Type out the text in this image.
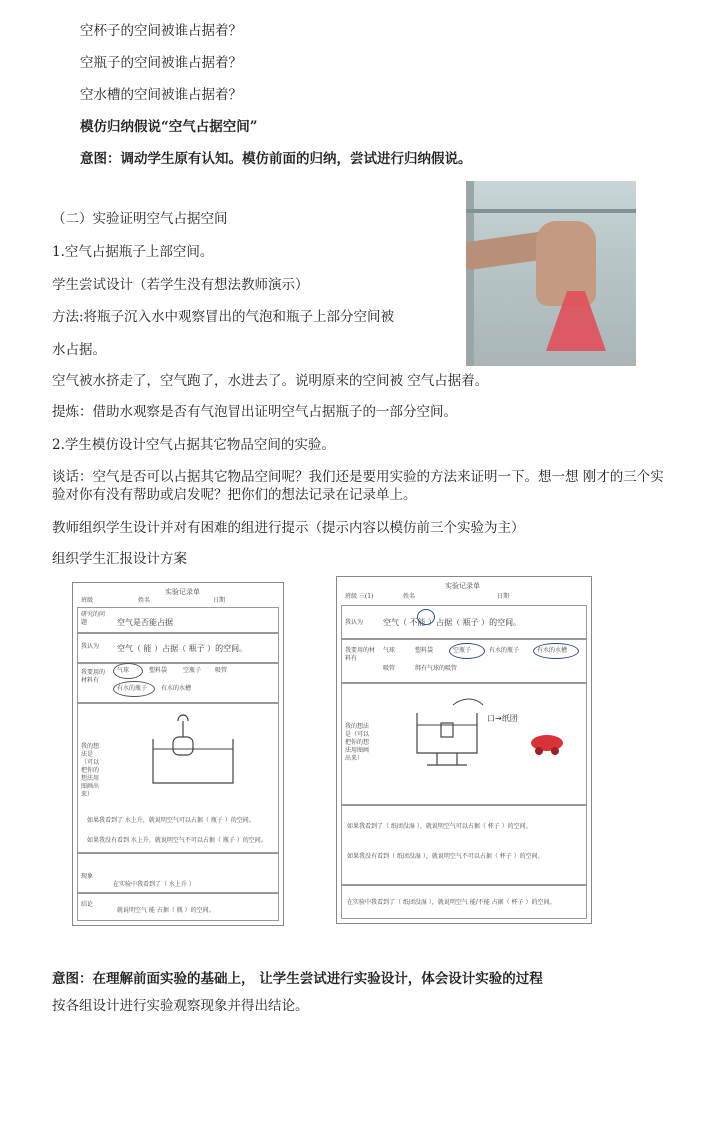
空杯子的空间被谁占据着？
空瓶子的空间被谁占据着？
空水槽的空间被谁占据着？
模仿归纳假说“空气占据空间”
意图：调动学生原有认知。模仿前面的归纳，尝试进行归纳假说。
（二）实验证明空气占据空间
1.空气占据瓶子上部空间。
学生尝试设计（若学生没有想法教师演示）
方法:将瓶子沉入水中观察冒出的气泡和瓶子上部分空间被
水占据。
空气被水挤走了，空气跑了，水进去了。说明原来的空间被 空气占据着。
提炼：借助水观察是否有气泡冒出证明空气占据瓶子的一部分空间。
2.学生模仿设计空气占据其它物品空间的实验。
谈话：空气是否可以占据其它物品空间呢？我们还是要用实验的方法来证明一下。想一想 刚才的三个实验对你有没有帮助或启发呢？把你们的想法记录在记录单上。
教师组织学生设计并对有困难的组进行提示（提示内容以模仿前三个实验为主）
组织学生汇报设计方案
实验记录单
班级	姓名	日期
研究的问题	空气是否能占据
我认为 空气（ 能 ）占据（ 瓶子 ）的空间。
我要用的材料有
气球	塑料袋	空瓶子 吸管
有水的瓶子 有水的水槽
我的想法是（可以把你的想法用图画出来）
如果我看到了 水上升，就说明空气可以占据（ 瓶子 ）的空间。
如果我没有看到 水上升，就说明空气不可以占据（ 瓶子 ）的空间。
现象
在实验中我看到了（ 水上升 ）
结论
就说明空气 能 占据（ 瓶 ）的空间。
实验记录单
班级 三(1)	姓名	日期
我认为 空气（ 不能 ）占据（ 瓶子 ）的空间。
我要用的材料有
气球	塑料袋	空瓶子	有水的瓶子	有水的水槽
吸管	绑有气球的吸管
我的想法是（可以把你的想法用图画出来）
口→纸团
如果我看到了（ 纸团没湿 ），就说明空气可以占据（ 杯子 ）的空间。
如果我没有看到（ 纸团没湿 ），就说明空气不可以占据（ 杯子 ）的空间。
在实验中我看到了（ 纸团没湿 ），就说明空气 能/不能 占据（ 杯子 ）的空间。
意图：在理解前面实验的基础上， 让学生尝试进行实验设计，体会设计实验的过程
按各组设计进行实验观察现象并得出结论。
